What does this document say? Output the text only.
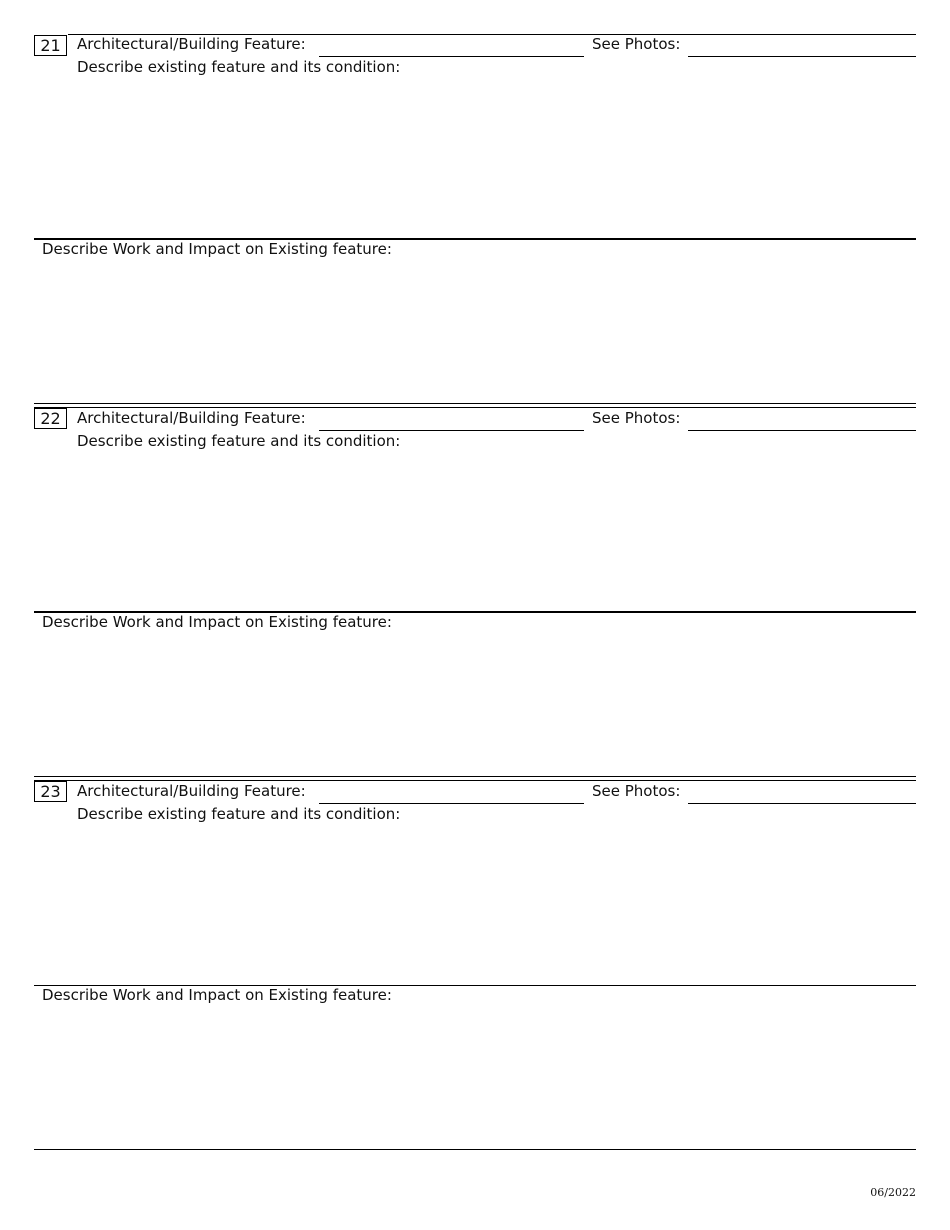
21	Architectural/Building Feature:	See Photos:
Describe existing feature and its condition:
Describe Work and Impact on Existing feature:
22	Architectural/Building Feature:	See Photos:
Describe existing feature and its condition:
Describe Work and Impact on Existing feature:
23	Architectural/Building Feature:	See Photos:
Describe existing feature and its condition:
Describe Work and Impact on Existing feature:
06/2022
